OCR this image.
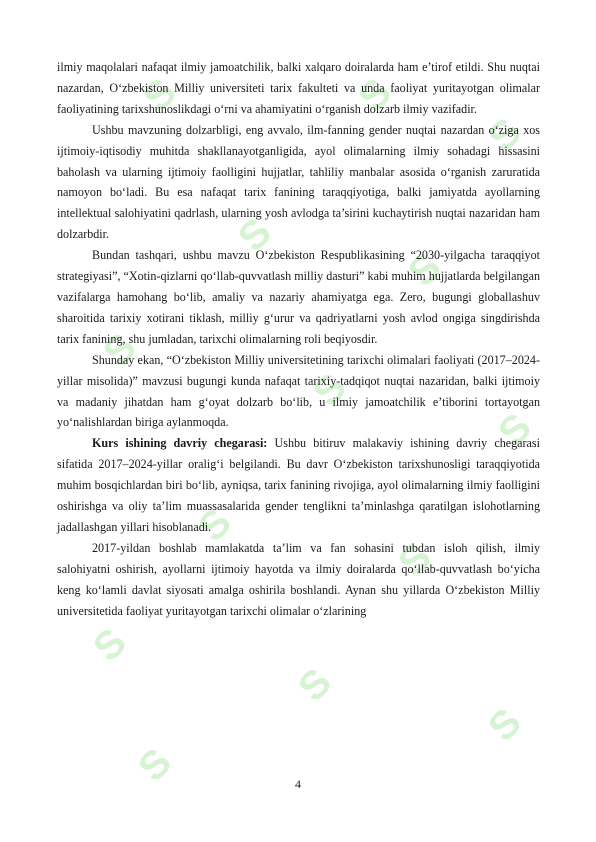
S	S
S
S
S
S
S
S
S
S
S
S
S
S

ilmiy maqolalari nafaqat ilmiy jamoatchilik, balki xalqaro doiralarda ham e’tirof etildi. Shu nuqtai nazardan, O‘zbekiston Milliy universiteti tarix fakulteti va unda faoliyat yuritayotgan olimalar faoliyatining tarixshunoslikdagi o‘rni va ahamiyatini o‘rganish dolzarb ilmiy vazifadir.

Ushbu mavzuning dolzarbligi, eng avvalo, ilm-fanning gender nuqtai nazardan o‘ziga xos ijtimoiy-iqtisodiy muhitda shakllanayotganligida, ayol olimalarning ilmiy sohadagi hissasini baholash va ularning ijtimoiy faolligini hujjatlar, tahliliy manbalar asosida o‘rganish zaruratida namoyon bo‘ladi. Bu esa nafaqat tarix fanining taraqqiyotiga, balki jamiyatda ayollarning intellektual salohiyatini qadrlash, ularning yosh avlodga ta’sirini kuchaytirish nuqtai nazaridan ham dolzarbdir.

Bundan tashqari, ushbu mavzu O‘zbekiston Respublikasining “2030-yilgacha taraqqiyot strategiyasi”, “Xotin-qizlarni qo‘llab-quvvatlash milliy dasturi” kabi muhim hujjatlarda belgilangan vazifalarga hamohang bo‘lib, amaliy va nazariy ahamiyatga ega. Zero, bugungi globallashuv sharoitida tarixiy xotirani tiklash, milliy g‘urur va qadriyatlarni yosh avlod ongiga singdirishda tarix fanining, shu jumladan, tarixchi olimalarning roli beqiyosdir.

Shunday ekan, “O‘zbekiston Milliy universitetining tarixchi olimalari faoliyati (2017–2024-yillar misolida)” mavzusi bugungi kunda nafaqat tarixiy-tadqiqot nuqtai nazaridan, balki ijtimoiy va madaniy jihatdan ham g‘oyat dolzarb bo‘lib, u ilmiy jamoatchilik e’tiborini tortayotgan yo‘nalishlardan biriga aylanmoqda.

Kurs ishining davriy chegarasi: Ushbu bitiruv malakaviy ishining davriy chegarasi sifatida 2017–2024-yillar oralig‘i belgilandi. Bu davr O‘zbekiston tarixshunosligi taraqqiyotida muhim bosqichlardan biri bo‘lib, ayniqsa, tarix fanining rivojiga, ayol olimalarning ilmiy faolligini oshirishga va oliy ta’lim muassasalarida gender tenglikni ta’minlashga qaratilgan islohotlarning jadallashgan yillari hisoblanadi.

2017-yildan boshlab mamlakatda ta’lim va fan sohasini tubdan isloh qilish, ilmiy salohiyatni oshirish, ayollarni ijtimoiy hayotda va ilmiy doiralarda qo‘llab-quvvatlash bo‘yicha keng ko‘lamli davlat siyosati amalga oshirila boshlandi. Aynan shu yillarda O‘zbekiston Milliy universitetida faoliyat yuritayotgan tarixchi olimalar o‘zlarining

4
